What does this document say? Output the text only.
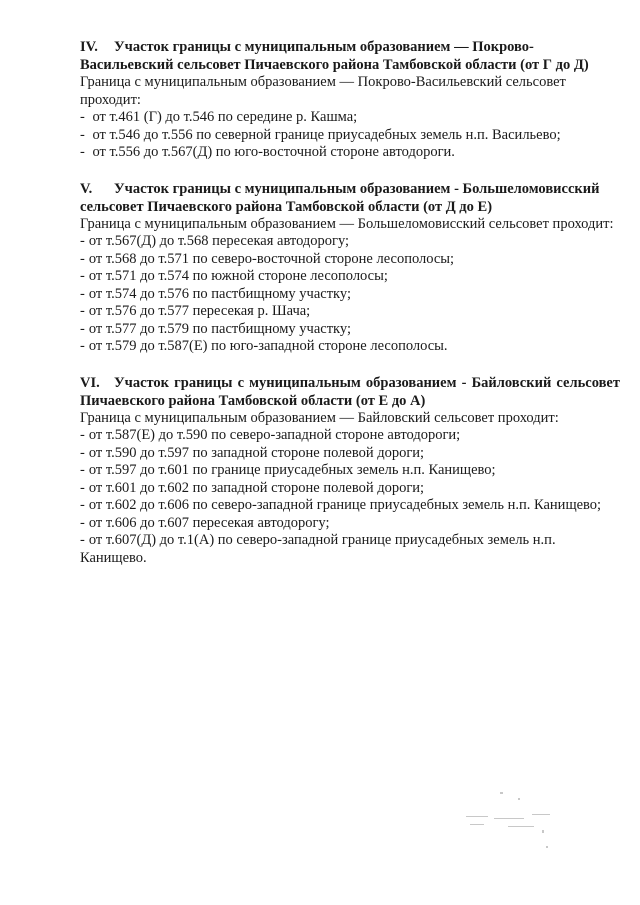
IV. Участок границы с муниципальным образованием — Покрово-Васильевский сельсовет Пичаевского района Тамбовской области (от Г до Д)

Граница с муниципальным образованием — Покрово-Васильевский сельсовет проходит:

- от т.461 (Г) до т.546 по середине р. Кашма;

- от т.546 до т.556 по северной границе приусадебных земель н.п. Васильево;

- от т.556 до т.567(Д) по юго-восточной стороне автодороги.

V. Участок границы с муниципальным образованием - Большеломовисский сельсовет Пичаевского района Тамбовской области (от Д до Е)

Граница с муниципальным образованием — Большеломовисский сельсовет проходит:

- от т.567(Д) до т.568 пересекая автодорогу;

- от т.568 до т.571 по северо-восточной стороне лесополосы;

- от т.571 до т.574 по южной стороне лесополосы;

- от т.574 до т.576 по пастбищному участку;

- от т.576 до т.577 пересекая р. Шача;

- от т.577 до т.579 по пастбищному участку;

- от т.579 до т.587(Е) по юго-западной стороне лесополосы.

VI. Участок границы с муниципальным образованием - Байловский сельсовет Пичаевского района Тамбовской области (от Е до А)

Граница с муниципальным образованием — Байловский сельсовет проходит:

- от т.587(Е) до т.590 по северо-западной стороне автодороги;

- от т.590 до т.597 по западной стороне полевой дороги;

- от т.597 до т.601 по границе приусадебных земель н.п. Канищево;

- от т.601 до т.602 по западной стороне полевой дороги;

- от т.602 до т.606 по северо-западной границе приусадебных земель н.п. Канищево;

- от т.606 до т.607 пересекая автодорогу;

- от т.607(Д) до т.1(А) по северо-западной границе приусадебных земель н.п. Канищево.
